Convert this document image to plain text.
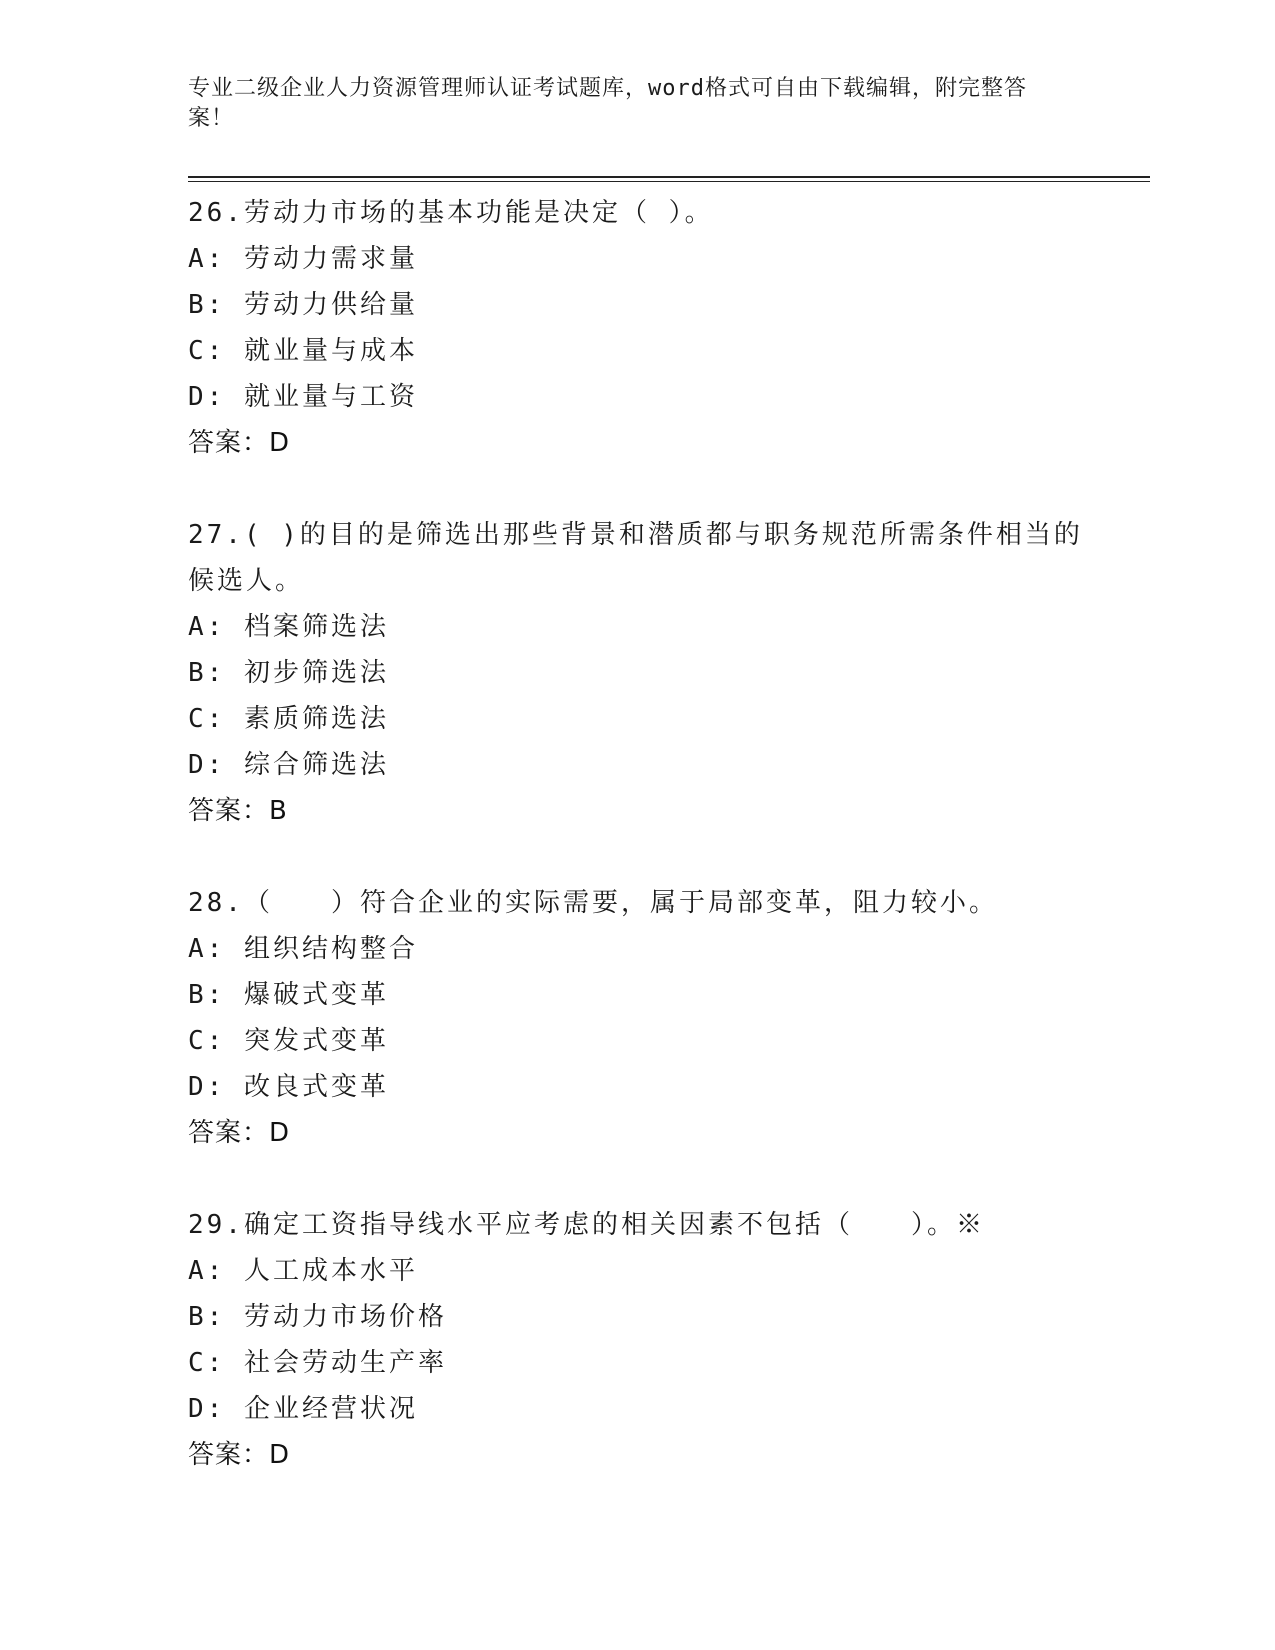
专业二级企业人力资源管理师认证考试题库，word格式可自由下载编辑，附完整答案！
26.劳动力市场的基本功能是决定（ ）。
A: 劳动力需求量
B: 劳动力供给量
C: 就业量与成本
D: 就业量与工资
答案：D
27.( )的目的是筛选出那些背景和潜质都与职务规范所需条件相当的候选人。
A: 档案筛选法
B: 初步筛选法
C: 素质筛选法
D: 综合筛选法
答案：B
28.（　　）符合企业的实际需要，属于局部变革，阻力较小。
A: 组织结构整合
B: 爆破式变革
C: 突发式变革
D: 改良式变革
答案：D
29.确定工资指导线水平应考虑的相关因素不包括（　　）。※
A: 人工成本水平
B: 劳动力市场价格
C: 社会劳动生产率
D: 企业经营状况
答案：D
